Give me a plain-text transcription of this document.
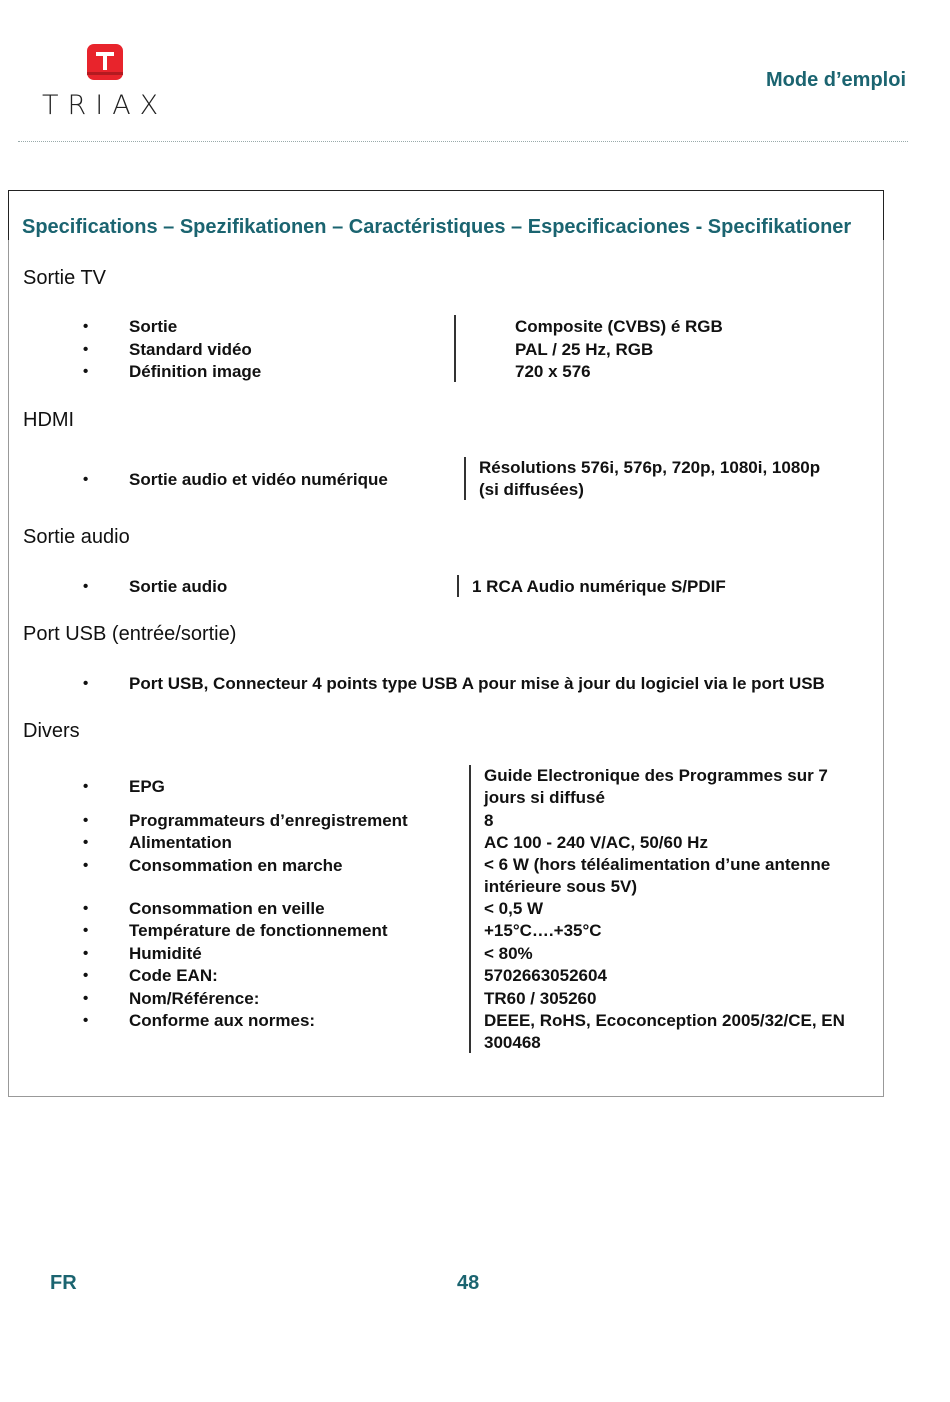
TRIAX
Mode d’emploi
Specifications – Spezifikationen – Caractéristiques – Especificaciones - Specifikationer
Sortie TV
• Sortie	Composite (CVBS) é RGB
• Standard vidéo	PAL / 25 Hz, RGB
• Définition image	720 x 576
HDMI
• Sortie audio et vidéo numérique
Résolutions 576i, 576p, 720p, 1080i, 1080p
(si diffusées)
Sortie audio
• Sortie audio	1 RCA Audio numérique S/PDIF
Port USB (entrée/sortie)
• Port USB, Connecteur 4 points type USB A pour mise à jour du logiciel via le port USB
Divers
• EPG
Guide Electronique des Programmes sur 7
jours si diffusé
• Programmateurs d’enregistrement	8
• Alimentation	AC 100 - 240 V/AC, 50/60 Hz
• Consommation en marche	< 6 W (hors téléalimentation d’une antenne
intérieure sous 5V)
• Consommation en veille	< 0,5 W
• Température de fonctionnement	+15°C….+35°C
• Humidité	< 80%
• Code EAN:	5702663052604
• Nom/Référence:	TR60 / 305260
• Conforme aux normes:	DEEE, RoHS, Ecoconception 2005/32/CE, EN
300468
FR	48
